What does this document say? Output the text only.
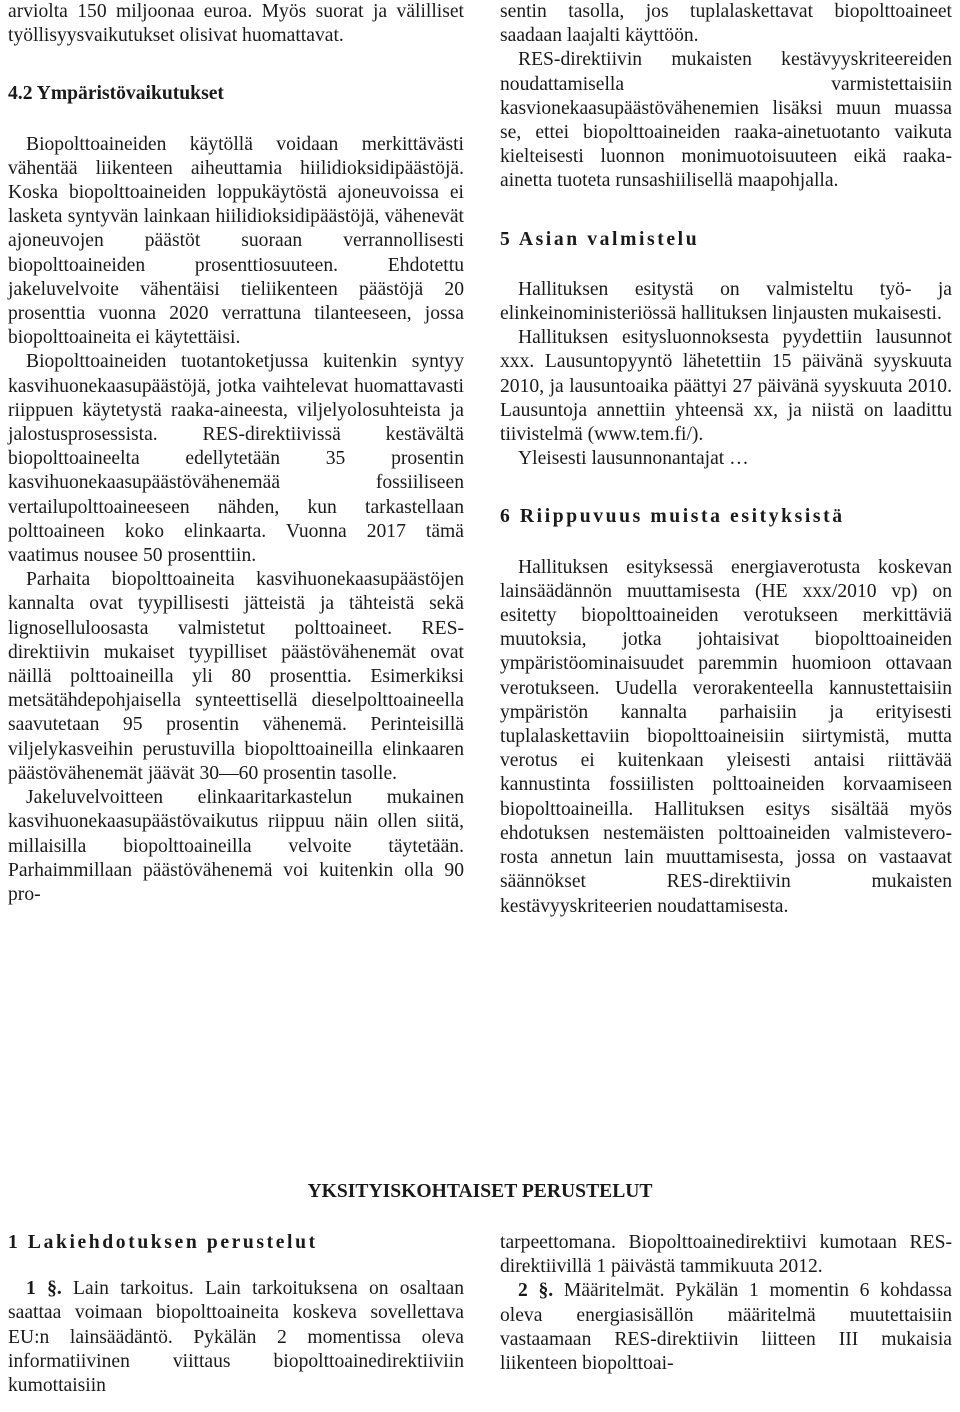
arviolta 150 miljoonaa euroa. Myös suorat ja välilliset työllisyysvaikutukset olisivat huomattavat.

4.2 Ympäristövaikutukset

Biopolttoaineiden käytöllä voidaan merkittävästi vähentää liikenteen aiheuttamia hiilidioksidipäästöjä. Koska biopolttoaineiden loppukäytöstä ajoneuvoissa ei lasketa syntyvän lainkaan hiilidioksidipäästöjä, vähenevät ajoneuvojen päästöt suoraan verrannollisesti biopolttoaineiden prosenttiosuuteen. Ehdotettu jakeluvelvoite vähentäisi tieliikenteen päästöjä 20 prosenttia vuonna 2020 verrattuna tilanteeseen, jossa biopolttoaineita ei käytettäisi.

Biopolttoaineiden tuotantoketjussa kuitenkin syntyy kasvihuonekaasupäästöjä, jotka vaihtelevat huomattavasti riippuen käytetystä raaka-aineesta, viljelyolosuhteista ja jalostusprosessista. RES-direktiivissä kestävältä biopolttoaineelta edellytetään 35 prosentin kasvihuonekaasupäästövähenemää fossiiliseen vertailupolttoaineeseen nähden, kun tarkastellaan polttoaineen koko elinkaarta. Vuonna 2017 tämä vaatimus nousee 50 prosenttiin.

Parhaita biopolttoaineita kasvihuonekaasupäästöjen kannalta ovat tyypillisesti jätteistä ja tähteistä sekä lignoselluloosasta valmistetut polttoaineet. RES-direktiivin mukaiset tyypilliset päästövähenemät ovat näillä polttoaineilla yli 80 prosenttia. Esimerkiksi metsätähdepohjaisella synteettisellä dieselpolttoaineella saavutetaan 95 prosentin vähenemä. Perinteisillä viljelykasveihin perustuvilla biopolttoaineilla elinkaaren päästövähenemät jäävät 30—60 prosentin tasolle.

Jakeluvelvoitteen elinkaaritarkastelun mukainen kasvihuonekaasupäästövaikutus riippuu näin ollen siitä, millaisilla biopolttoaineilla velvoite täytetään. Parhaimmillaan päästövähenemä voi kuitenkin olla 90 pro-

sentin tasolla, jos tuplalaskettavat biopolttoaineet saadaan laajalti käyttöön.

RES-direktiivin mukaisten kestävyyskriteereiden noudattamisella varmistettaisiin kasvionekaasupäästövähenemien lisäksi muun muassa se, ettei biopolttoaineiden raaka-ainetuotanto vaikuta kielteisesti luonnon monimuotoisuuteen eikä raaka-ainetta tuoteta runsashiilisellä maapohjalla.

5 Asian valmistelu

Hallituksen esitystä on valmisteltu työ- ja elinkeinoministeriössä hallituksen linjausten mukaisesti.

Hallituksen esitysluonnoksesta pyydettiin lausunnot xxx. Lausuntopyyntö lähetettiin 15 päivänä syyskuuta 2010, ja lausuntoaika päättyi 27 päivänä syyskuuta 2010. Lausuntoja annettiin yhteensä xx, ja niistä on laadittu tiivistelmä (www.tem.fi/).

Yleisesti lausunnonantajat …

6 Riippuvuus muista esityksistä

Hallituksen esityksessä energiaverotusta koskevan lainsäädännön muuttamisesta (HE xxx/2010 vp) on esitetty biopolttoaineiden verotukseen merkittäviä muutoksia, jotka johtaisivat biopolttoaineiden ympäristöominaisuudet paremmin huomioon ottavaan verotukseen. Uudella verorakenteella kannustettaisiin ympäristön kannalta parhaisiin ja erityisesti tuplalaskettaviin biopolttoaineisiin siirtymistä, mutta verotus ei kuitenkaan yleisesti antaisi riittävää kannustinta fossiilisten polttoaineiden korvaamiseen biopolttoaineilla. Hallituksen esitys sisältää myös ehdotuksen nestemäisten polttoaineiden valmisteverorosta annetun lain muuttamisesta, jossa on vastaavat säännökset RES-direktiivin mukaisten kestävyyskriteerien noudattamisesta.

YKSITYISKOHTAISET PERUSTELUT
1 Lakiehdotuksen perustelut

1 §. Lain tarkoitus. Lain tarkoituksena on osaltaan saattaa voimaan biopolttoaineita koskeva sovellettava EU:n lainsäädäntö. Pykälän 2 momentissa oleva informatiivinen viittaus biopolttoainedirektiiviin kumottaisiin

tarpeettomana. Biopolttoainedirektiivi kumotaan RES-direktiivillä 1 päivästä tammikuuta 2012.

2 §. Määritelmät. Pykälän 1 momentin 6 kohdassa oleva energiasisällön määritelmä muutettaisiin vastaamaan RES-direktiivin liitteen III mukaisia liikenteen biopolttoai-
